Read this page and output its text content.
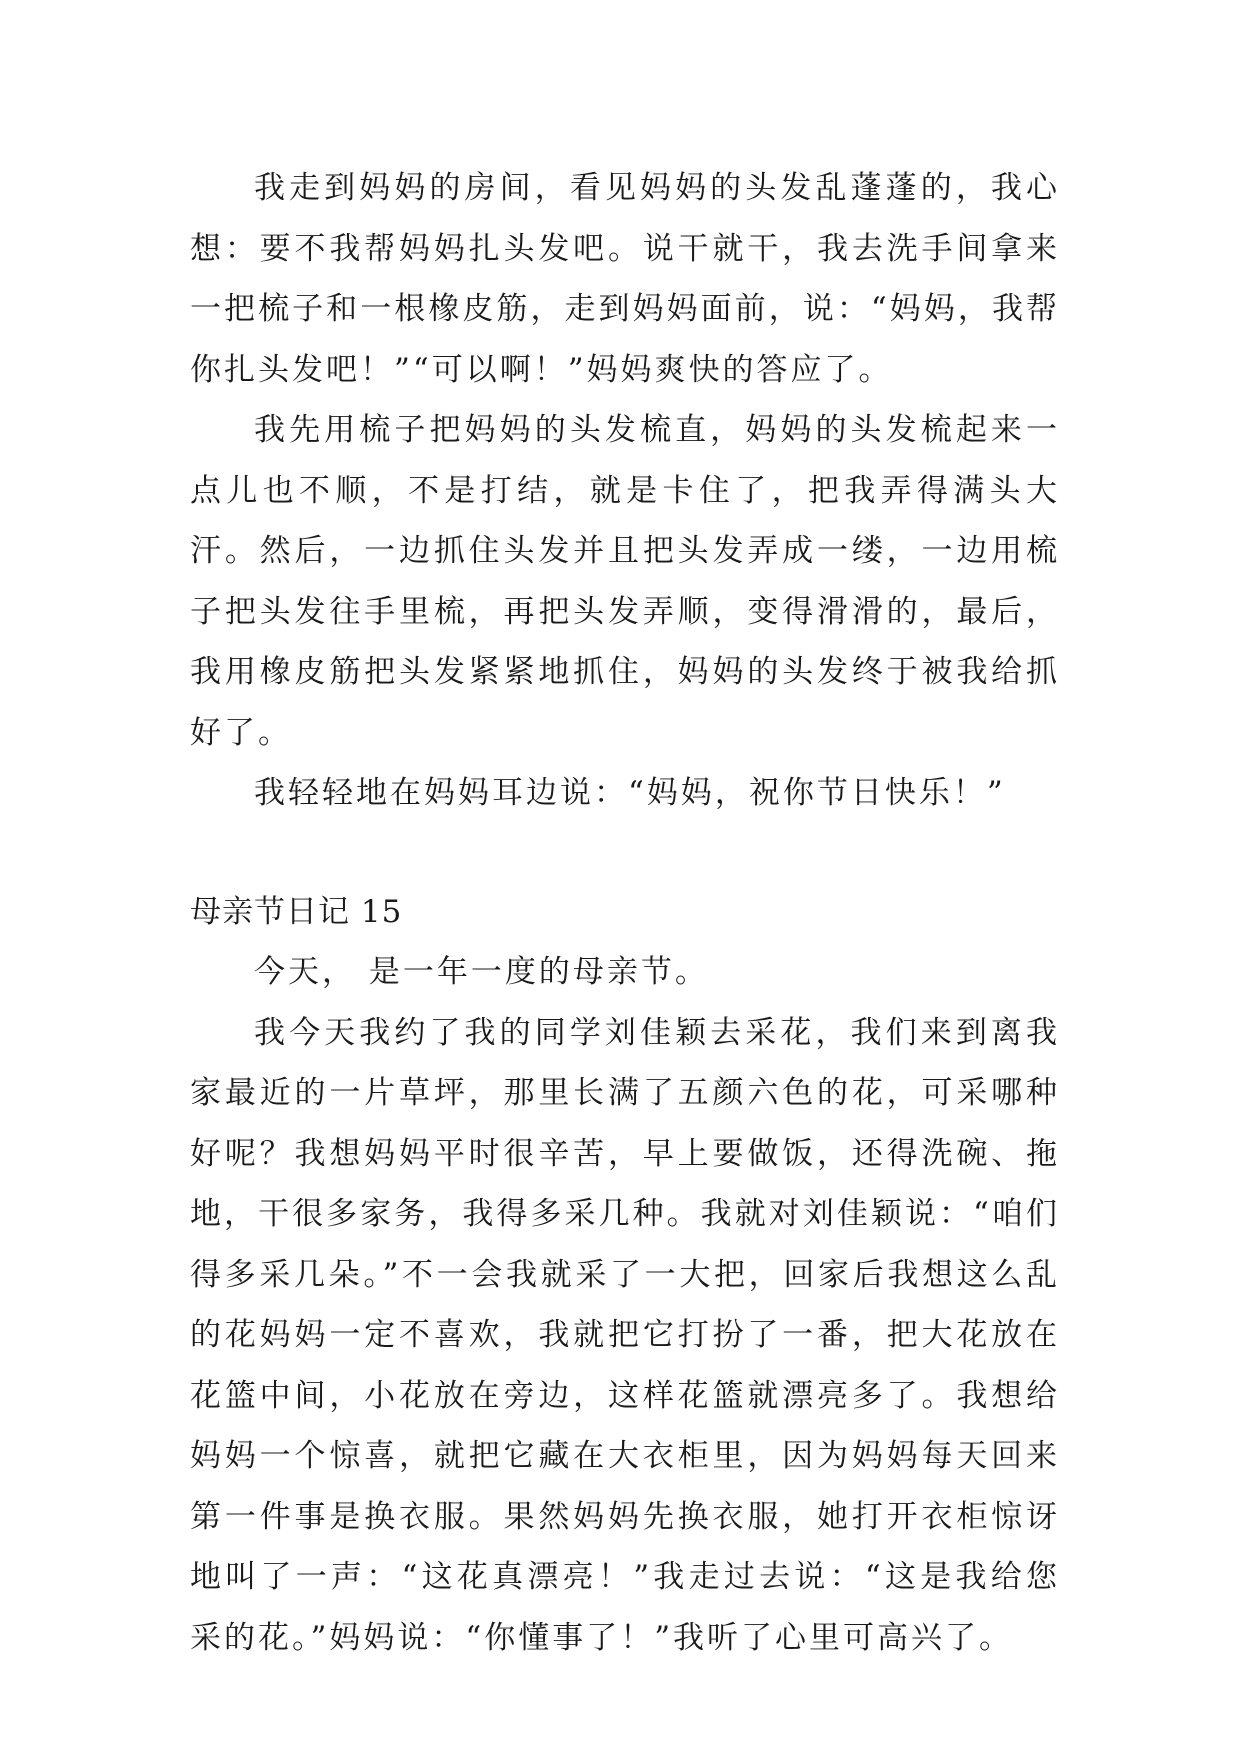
我走到妈妈的房间，看见妈妈的头发乱蓬蓬的，我心想：要不我帮妈妈扎头发吧。说干就干，我去洗手间拿来一把梳子和一根橡皮筋，走到妈妈面前，说：“妈妈，我帮你扎头发吧！”“可以啊！”妈妈爽快的答应了。

我先用梳子把妈妈的头发梳直，妈妈的头发梳起来一点儿也不顺，不是打结，就是卡住了，把我弄得满头大汗。然后，一边抓住头发并且把头发弄成一缕，一边用梳子把头发往手里梳，再把头发弄顺，变得滑滑的，最后，我用橡皮筋把头发紧紧地抓住，妈妈的头发终于被我给抓好了。

我轻轻地在妈妈耳边说：“妈妈，祝你节日快乐！”

母亲节日记 15

今天， 是一年一度的母亲节。

我今天我约了我的同学刘佳颖去采花，我们来到离我家最近的一片草坪，那里长满了五颜六色的花，可采哪种好呢？我想妈妈平时很辛苦，早上要做饭，还得洗碗、拖地，干很多家务，我得多采几种。我就对刘佳颖说：“咱们得多采几朵。”不一会我就采了一大把，回家后我想这么乱的花妈妈一定不喜欢，我就把它打扮了一番，把大花放在花篮中间，小花放在旁边，这样花篮就漂亮多了。我想给妈妈一个惊喜，就把它藏在大衣柜里，因为妈妈每天回来第一件事是换衣服。果然妈妈先换衣服，她打开衣柜惊讶地叫了一声：“这花真漂亮！”我走过去说：“这是我给您采的花。”妈妈说：“你懂事了！”我听了心里可高兴了。
